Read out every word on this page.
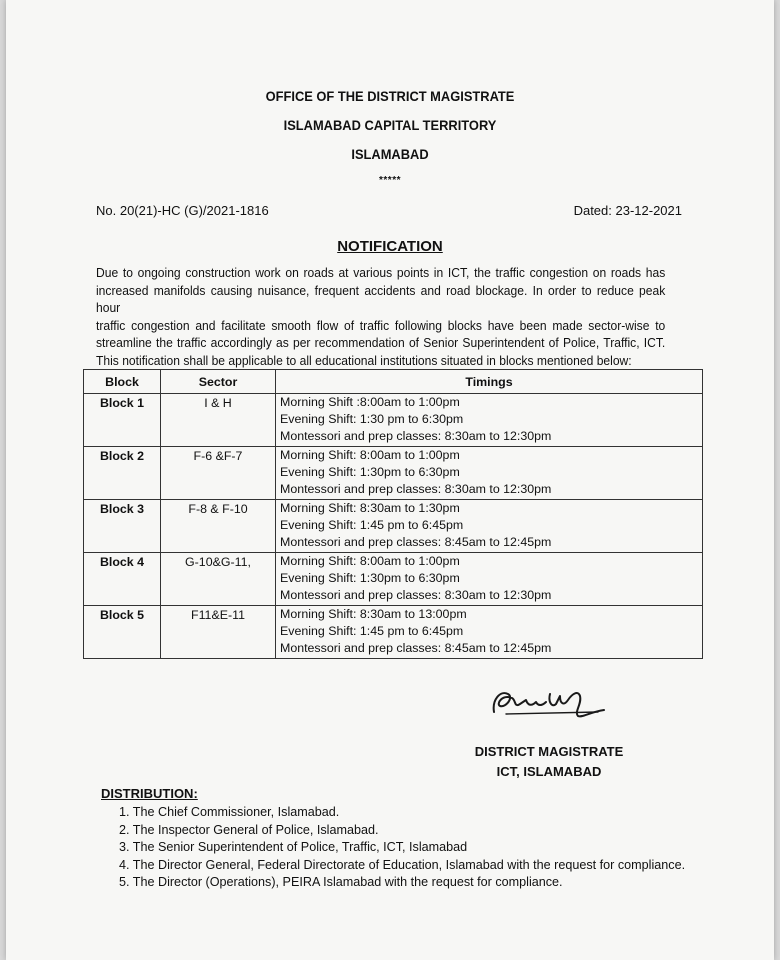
OFFICE OF THE DISTRICT MAGISTRATE
ISLAMABAD CAPITAL TERRITORY
ISLAMABAD
*****
No. 20(21)-HC (G)/2021-1816	Dated: 23-12-2021
NOTIFICATION
Due to ongoing construction work on roads at various points in ICT, the traffic congestion on roads has
increased manifolds causing nuisance, frequent accidents and road blockage. In order to reduce peak hour
traffic congestion and facilitate smooth flow of traffic following blocks have been made sector-wise to
streamline the traffic accordingly as per recommendation of Senior Superintendent of Police, Traffic, ICT.
This notification shall be applicable to all educational institutions situated in blocks mentioned below:
Block	Sector	Timings
Block 1	I & H	Morning Shift :8:00am to 1:00pm
Evening Shift: 1:30 pm to 6:30pm
Montessori and prep classes: 8:30am to 12:30pm

Block 2	F-6 &F-7	Morning Shift: 8:00am to 1:00pm
Evening Shift: 1:30pm to 6:30pm
Montessori and prep classes: 8:30am to 12:30pm

Block 3	F-8 & F-10	Morning Shift: 8:30am to 1:30pm
Evening Shift: 1:45 pm to 6:45pm
Montessori and prep classes: 8:45am to 12:45pm

Block 4	G-10&G-11,	Morning Shift: 8:00am to 1:00pm
Evening Shift: 1:30pm to 6:30pm
Montessori and prep classes: 8:30am to 12:30pm

Block 5	F11&E-11	Morning Shift: 8:30am to 13:00pm
Evening Shift: 1:45 pm to 6:45pm
Montessori and prep classes: 8:45am to 12:45pm
DISTRICT MAGISTRATE
ICT, ISLAMABAD
DISTRIBUTION:
1. The Chief Commissioner, Islamabad.
2. The Inspector General of Police, Islamabad.
3. The Senior Superintendent of Police, Traffic, ICT, Islamabad
4. The Director General, Federal Directorate of Education, Islamabad with the request for compliance.
5. The Director (Operations), PEIRA Islamabad with the request for compliance.
